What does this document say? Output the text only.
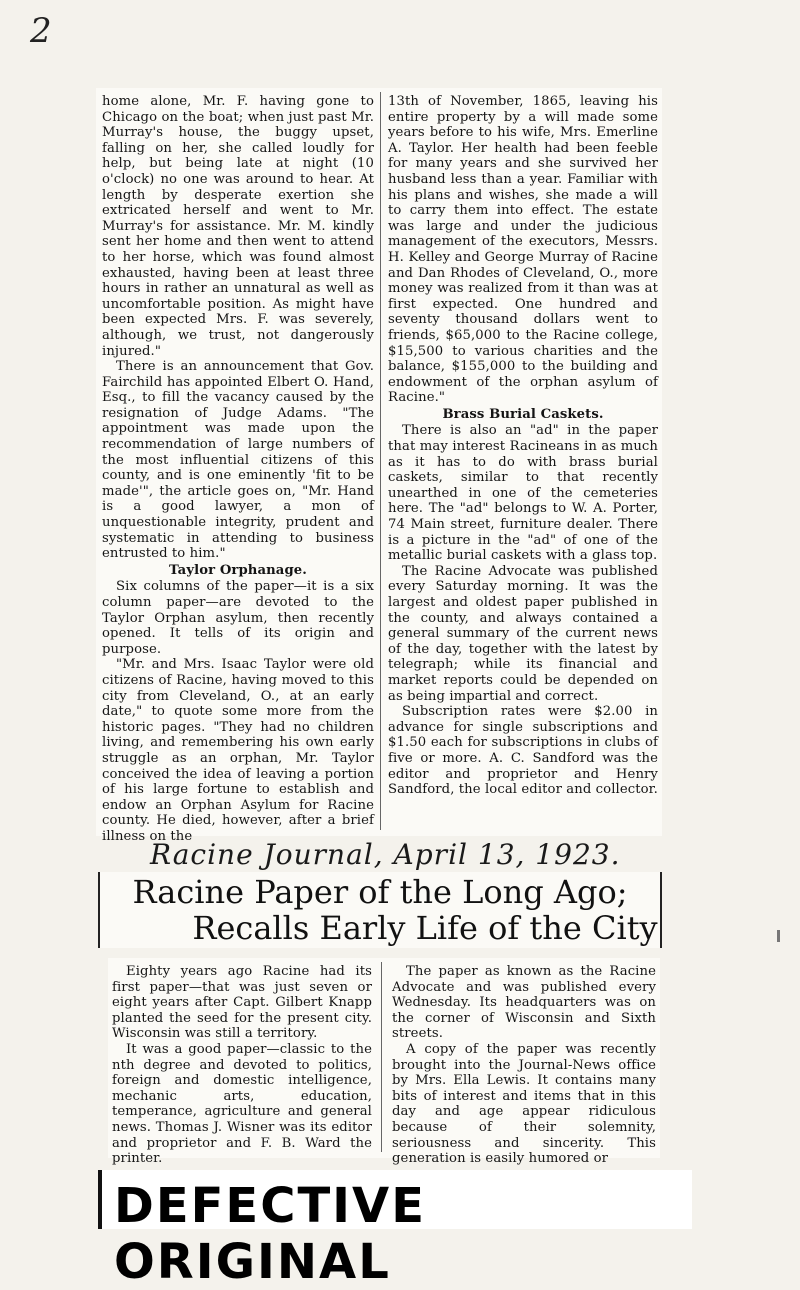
2

home alone, Mr. F. having gone to Chicago on the boat; when just past Mr. Murray's house, the buggy upset, falling on her, she called loudly for help, but being late at night (10 o'clock) no one was around to hear. At length by desperate exertion she extricated herself and went to Mr. Murray's for assistance. Mr. M. kindly sent her home and then went to attend to her horse, which was found almost exhausted, having been at least three hours in rather an unnatural as well as uncomfortable position. As might have been expected Mrs. F. was severely, although, we trust, not dangerously injured."

There is an announcement that Gov. Fairchild has appointed Elbert O. Hand, Esq., to fill the vacancy caused by the resignation of Judge Adams. "The appointment was made upon the recommendation of large numbers of the most influential citizens of this county, and is one eminently 'fit to be made'", the article goes on, "Mr. Hand is a good lawyer, a mon of unquestionable integrity, prudent and systematic in attending to business entrusted to him."

Taylor Orphanage.

Six columns of the paper—it is a six column paper—are devoted to the Taylor Orphan asylum, then recently opened. It tells of its origin and purpose.

"Mr. and Mrs. Isaac Taylor were old citizens of Racine, having moved to this city from Cleveland, O., at an early date," to quote some more from the historic pages. "They had no children living, and remembering his own early struggle as an orphan, Mr. Taylor conceived the idea of leaving a portion of his large fortune to establish and endow an Orphan Asylum for Racine county. He died, however, after a brief illness on the

13th of November, 1865, leaving his entire property by a will made some years before to his wife, Mrs. Emerline A. Taylor. Her health had been feeble for many years and she survived her husband less than a year. Familiar with his plans and wishes, she made a will to carry them into effect. The estate was large and under the judicious management of the executors, Messrs. H. Kelley and George Murray of Racine and Dan Rhodes of Cleveland, O., more money was realized from it than was at first expected. One hundred and seventy thousand dollars went to friends, $65,000 to the Racine college, $15,500 to various charities and the balance, $155,000 to the building and endowment of the orphan asylum of Racine."

Brass Burial Caskets.

There is also an "ad" in the paper that may interest Racineans in as much as it has to do with brass burial caskets, similar to that recently unearthed in one of the cemeteries here. The "ad" belongs to W. A. Porter, 74 Main street, furniture dealer. There is a picture in the "ad" of one of the metallic burial caskets with a glass top.

The Racine Advocate was published every Saturday morning. It was the largest and oldest paper published in the county, and always contained a general summary of the current news of the day, together with the latest by telegraph; while its financial and market reports could be depended on as being impartial and correct.

Subscription rates were $2.00 in advance for single subscriptions and $1.50 each for subscriptions in clubs of five or more. A. C. Sandford was the editor and proprietor and Henry Sandford, the local editor and collector.

Racine Journal, April 13, 1923.
Racine Paper of the Long Ago;
Recalls Early Life of the City

Eighty years ago Racine had its first paper—that was just seven or eight years after Capt. Gilbert Knapp planted the seed for the present city. Wisconsin was still a territory.

It was a good paper—classic to the nth degree and devoted to politics, foreign and domestic intelligence, mechanic arts, education, temperance, agriculture and general news. Thomas J. Wisner was its editor and proprietor and F. B. Ward the printer.

The paper as known as the Racine Advocate and was published every Wednesday. Its headquarters was on the corner of Wisconsin and Sixth streets.

A copy of the paper was recently brought into the Journal-News office by Mrs. Ella Lewis. It contains many bits of interest and items that in this day and age appear ridiculous because of their solemnity, seriousness and sincerity. This generation is easily humored or

DEFECTIVE ORIGINAL
